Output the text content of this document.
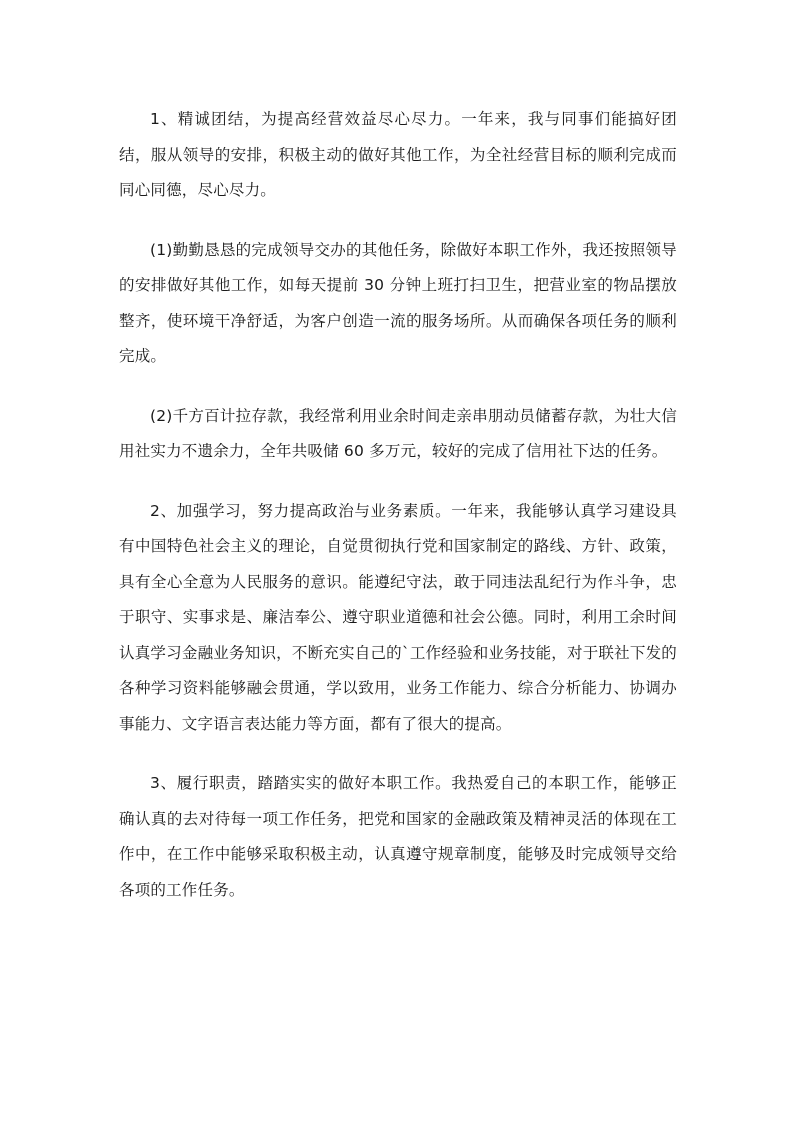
1、精诚团结，为提高经营效益尽心尽力。一年来，我与同事们能搞好团结，服从领导的安排，积极主动的做好其他工作，为全社经营目标的顺利完成而同心同德，尽心尽力。

(1)勤勤恳恳的完成领导交办的其他任务，除做好本职工作外，我还按照领导的安排做好其他工作，如每天提前 30 分钟上班打扫卫生，把营业室的物品摆放整齐，使环境干净舒适，为客户创造一流的服务场所。从而确保各项任务的顺利完成。

(2)千方百计拉存款，我经常利用业余时间走亲串朋动员储蓄存款，为壮大信用社实力不遗余力，全年共吸储 60 多万元，较好的完成了信用社下达的任务。

2、加强学习，努力提高政治与业务素质。一年来，我能够认真学习建设具有中国特色社会主义的理论，自觉贯彻执行党和国家制定的路线、方针、政策，具有全心全意为人民服务的意识。能遵纪守法，敢于同违法乱纪行为作斗争，忠于职守、实事求是、廉洁奉公、遵守职业道德和社会公德。同时，利用工余时间认真学习金融业务知识，不断充实自己的`工作经验和业务技能，对于联社下发的各种学习资料能够融会贯通，学以致用，业务工作能力、综合分析能力、协调办事能力、文字语言表达能力等方面，都有了很大的提高。

3、履行职责，踏踏实实的做好本职工作。我热爱自己的本职工作，能够正确认真的去对待每一项工作任务，把党和国家的金融政策及精神灵活的体现在工作中，在工作中能够采取积极主动，认真遵守规章制度，能够及时完成领导交给各项的工作任务。
